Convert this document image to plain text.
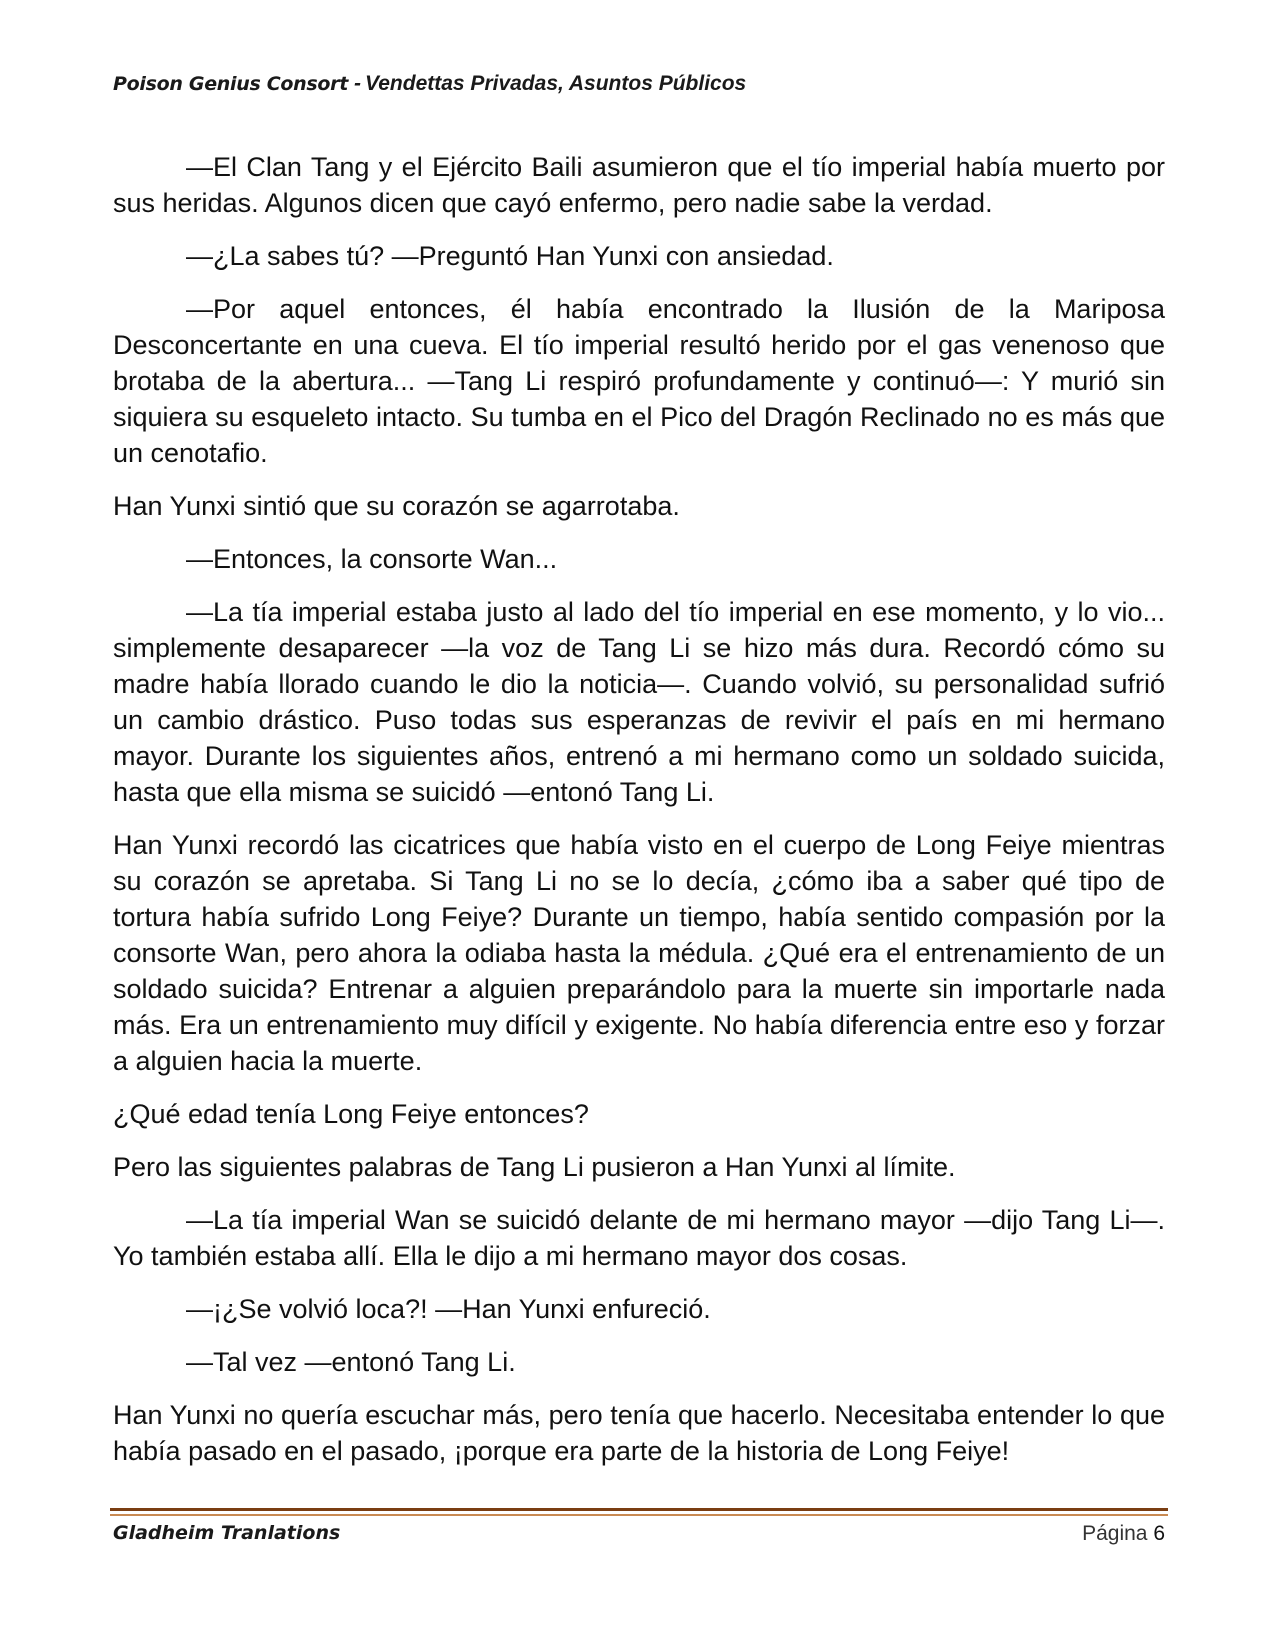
Poison Genius Consort - Vendettas Privadas, Asuntos Públicos

—El Clan Tang y el Ejército Baili asumieron que el tío imperial había muerto por sus heridas. Algunos dicen que cayó enfermo, pero nadie sabe la verdad.

—¿La sabes tú? —Preguntó Han Yunxi con ansiedad.

—Por aquel entonces, él había encontrado la Ilusión de la Mariposa Desconcertante en una cueva. El tío imperial resultó herido por el gas venenoso que brotaba de la abertura... —Tang Li respiró profundamente y continuó—: Y murió sin siquiera su esqueleto intacto. Su tumba en el Pico del Dragón Reclinado no es más que un cenotafio.

Han Yunxi sintió que su corazón se agarrotaba.

—Entonces, la consorte Wan...

—La tía imperial estaba justo al lado del tío imperial en ese momento, y lo vio... simplemente desaparecer —la voz de Tang Li se hizo más dura. Recordó cómo su madre había llorado cuando le dio la noticia—. Cuando volvió, su personalidad sufrió un cambio drástico. Puso todas sus esperanzas de revivir el país en mi hermano mayor. Durante los siguientes años, entrenó a mi hermano como un soldado suicida, hasta que ella misma se suicidó —entonó Tang Li.

Han Yunxi recordó las cicatrices que había visto en el cuerpo de Long Feiye mientras su corazón se apretaba. Si Tang Li no se lo decía, ¿cómo iba a saber qué tipo de tortura había sufrido Long Feiye? Durante un tiempo, había sentido compasión por la consorte Wan, pero ahora la odiaba hasta la médula. ¿Qué era el entrenamiento de un soldado suicida? Entrenar a alguien preparándolo para la muerte sin importarle nada más. Era un entrenamiento muy difícil y exigente. No había diferencia entre eso y forzar a alguien hacia la muerte.

¿Qué edad tenía Long Feiye entonces?

Pero las siguientes palabras de Tang Li pusieron a Han Yunxi al límite.

—La tía imperial Wan se suicidó delante de mi hermano mayor —dijo Tang Li—. Yo también estaba allí. Ella le dijo a mi hermano mayor dos cosas.

—¡¿Se volvió loca?! —Han Yunxi enfureció.

—Tal vez —entonó Tang Li.

Han Yunxi no quería escuchar más, pero tenía que hacerlo. Necesitaba entender lo que había pasado en el pasado, ¡porque era parte de la historia de Long Feiye!

Gladheim Tranlations	Página 6
